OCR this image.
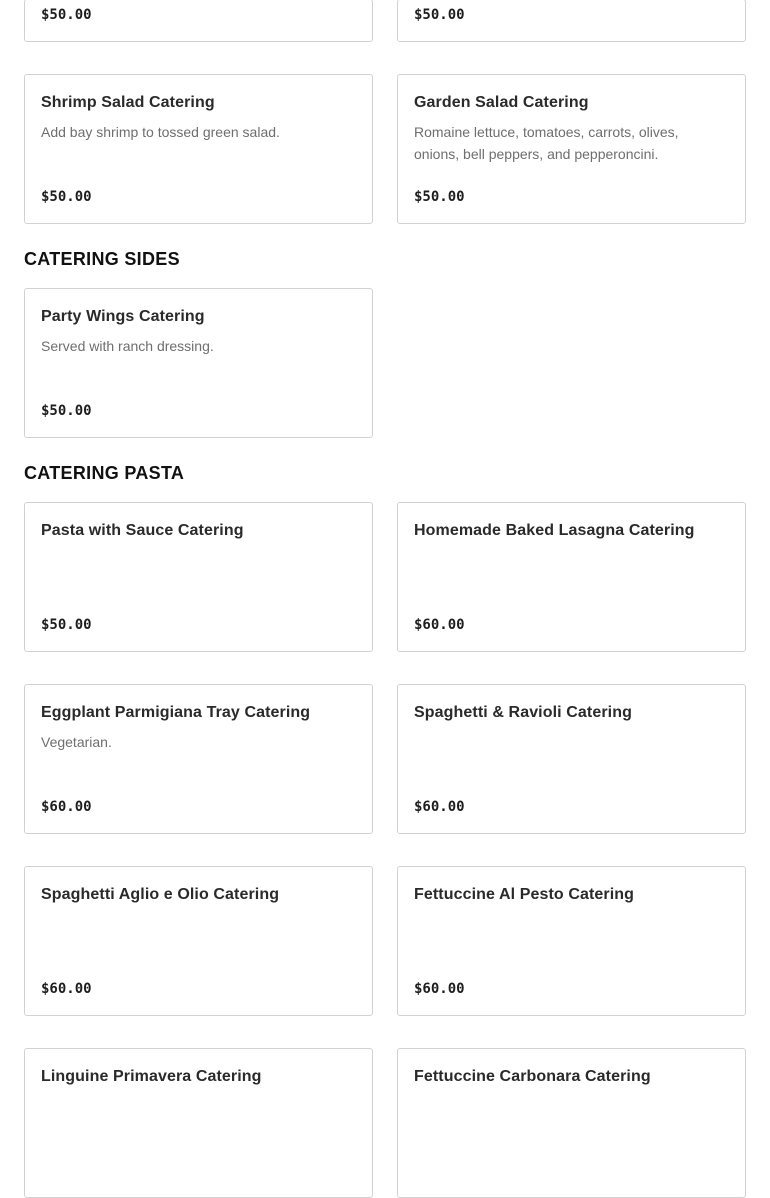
$50.00	$50.00
Shrimp Salad Catering
Add bay shrimp to tossed green salad.
$50.00
Garden Salad Catering
Romaine lettuce, tomatoes, carrots, olives, onions, bell peppers, and pepperoncini.
$50.00
CATERING SIDES
Party Wings Catering
Served with ranch dressing.
$50.00
CATERING PASTA
Pasta with Sauce Catering
$50.00
Homemade Baked Lasagna Catering
$60.00
Eggplant Parmigiana Tray Catering
Vegetarian.
$60.00
Spaghetti & Ravioli Catering
$60.00
Spaghetti Aglio e Olio Catering
$60.00
Fettuccine Al Pesto Catering
$60.00
Linguine Primavera Catering	Fettuccine Carbonara Catering
